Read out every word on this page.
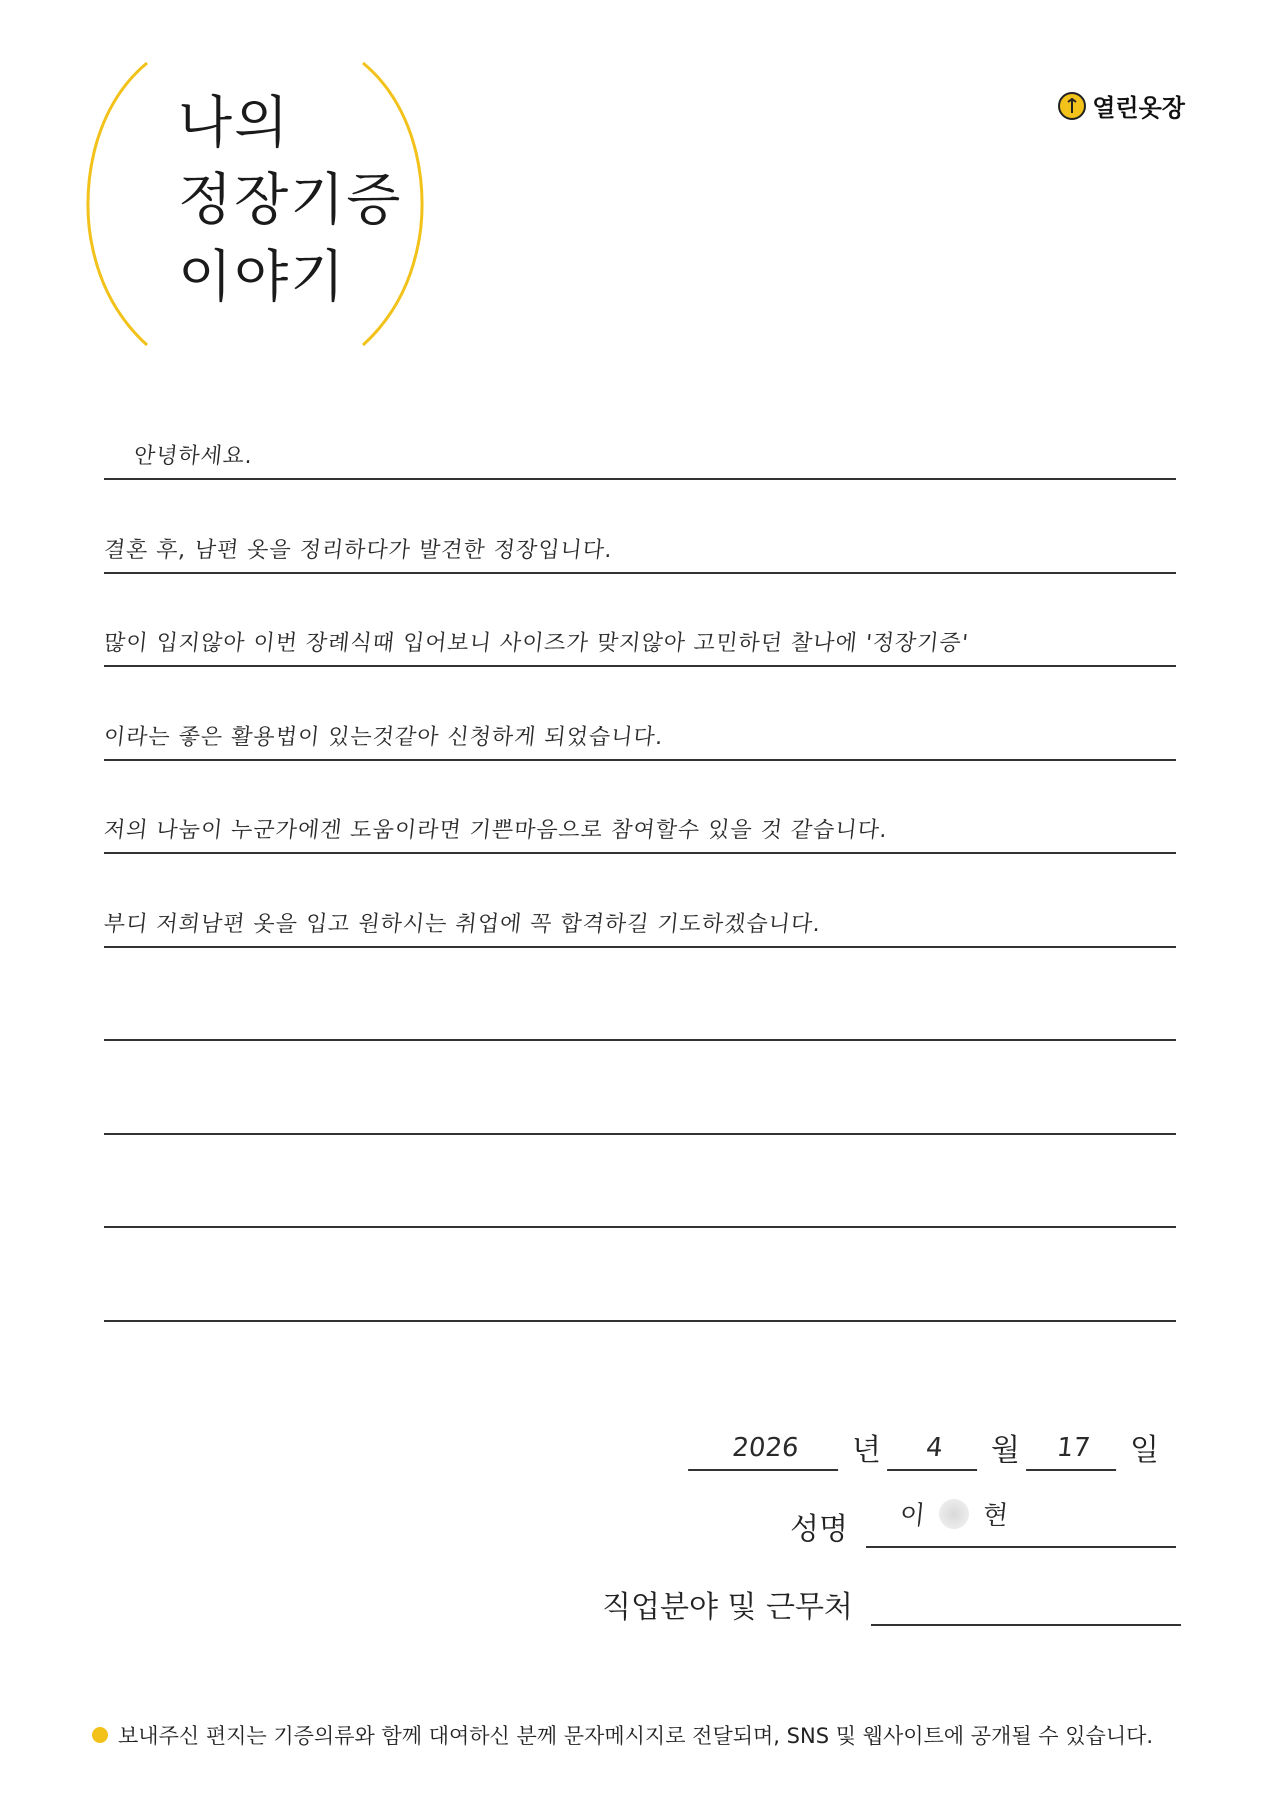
나의
정장기증
이야기
열린옷장
안녕하세요.
결혼 후, 남편 옷을 정리하다가 발견한 정장입니다.
많이 입지않아 이번 장례식때 입어보니 사이즈가 맞지않아 고민하던 찰나에 '정장기증'
이라는 좋은 활용법이 있는것같아 신청하게 되었습니다.
저의 나눔이 누군가에겐 도움이라면 기쁜마음으로 참여할수 있을 것 같습니다.
부디 저희남편 옷을 입고 원하시는 취업에 꼭 합격하길 기도하겠습니다.
2026	년	4	월	17	일
성명 이 현
직업분야 및 근무처
보내주신 편지는 기증의류와 함께 대여하신 분께 문자메시지로 전달되며, SNS 및 웹사이트에 공개될 수 있습니다.
